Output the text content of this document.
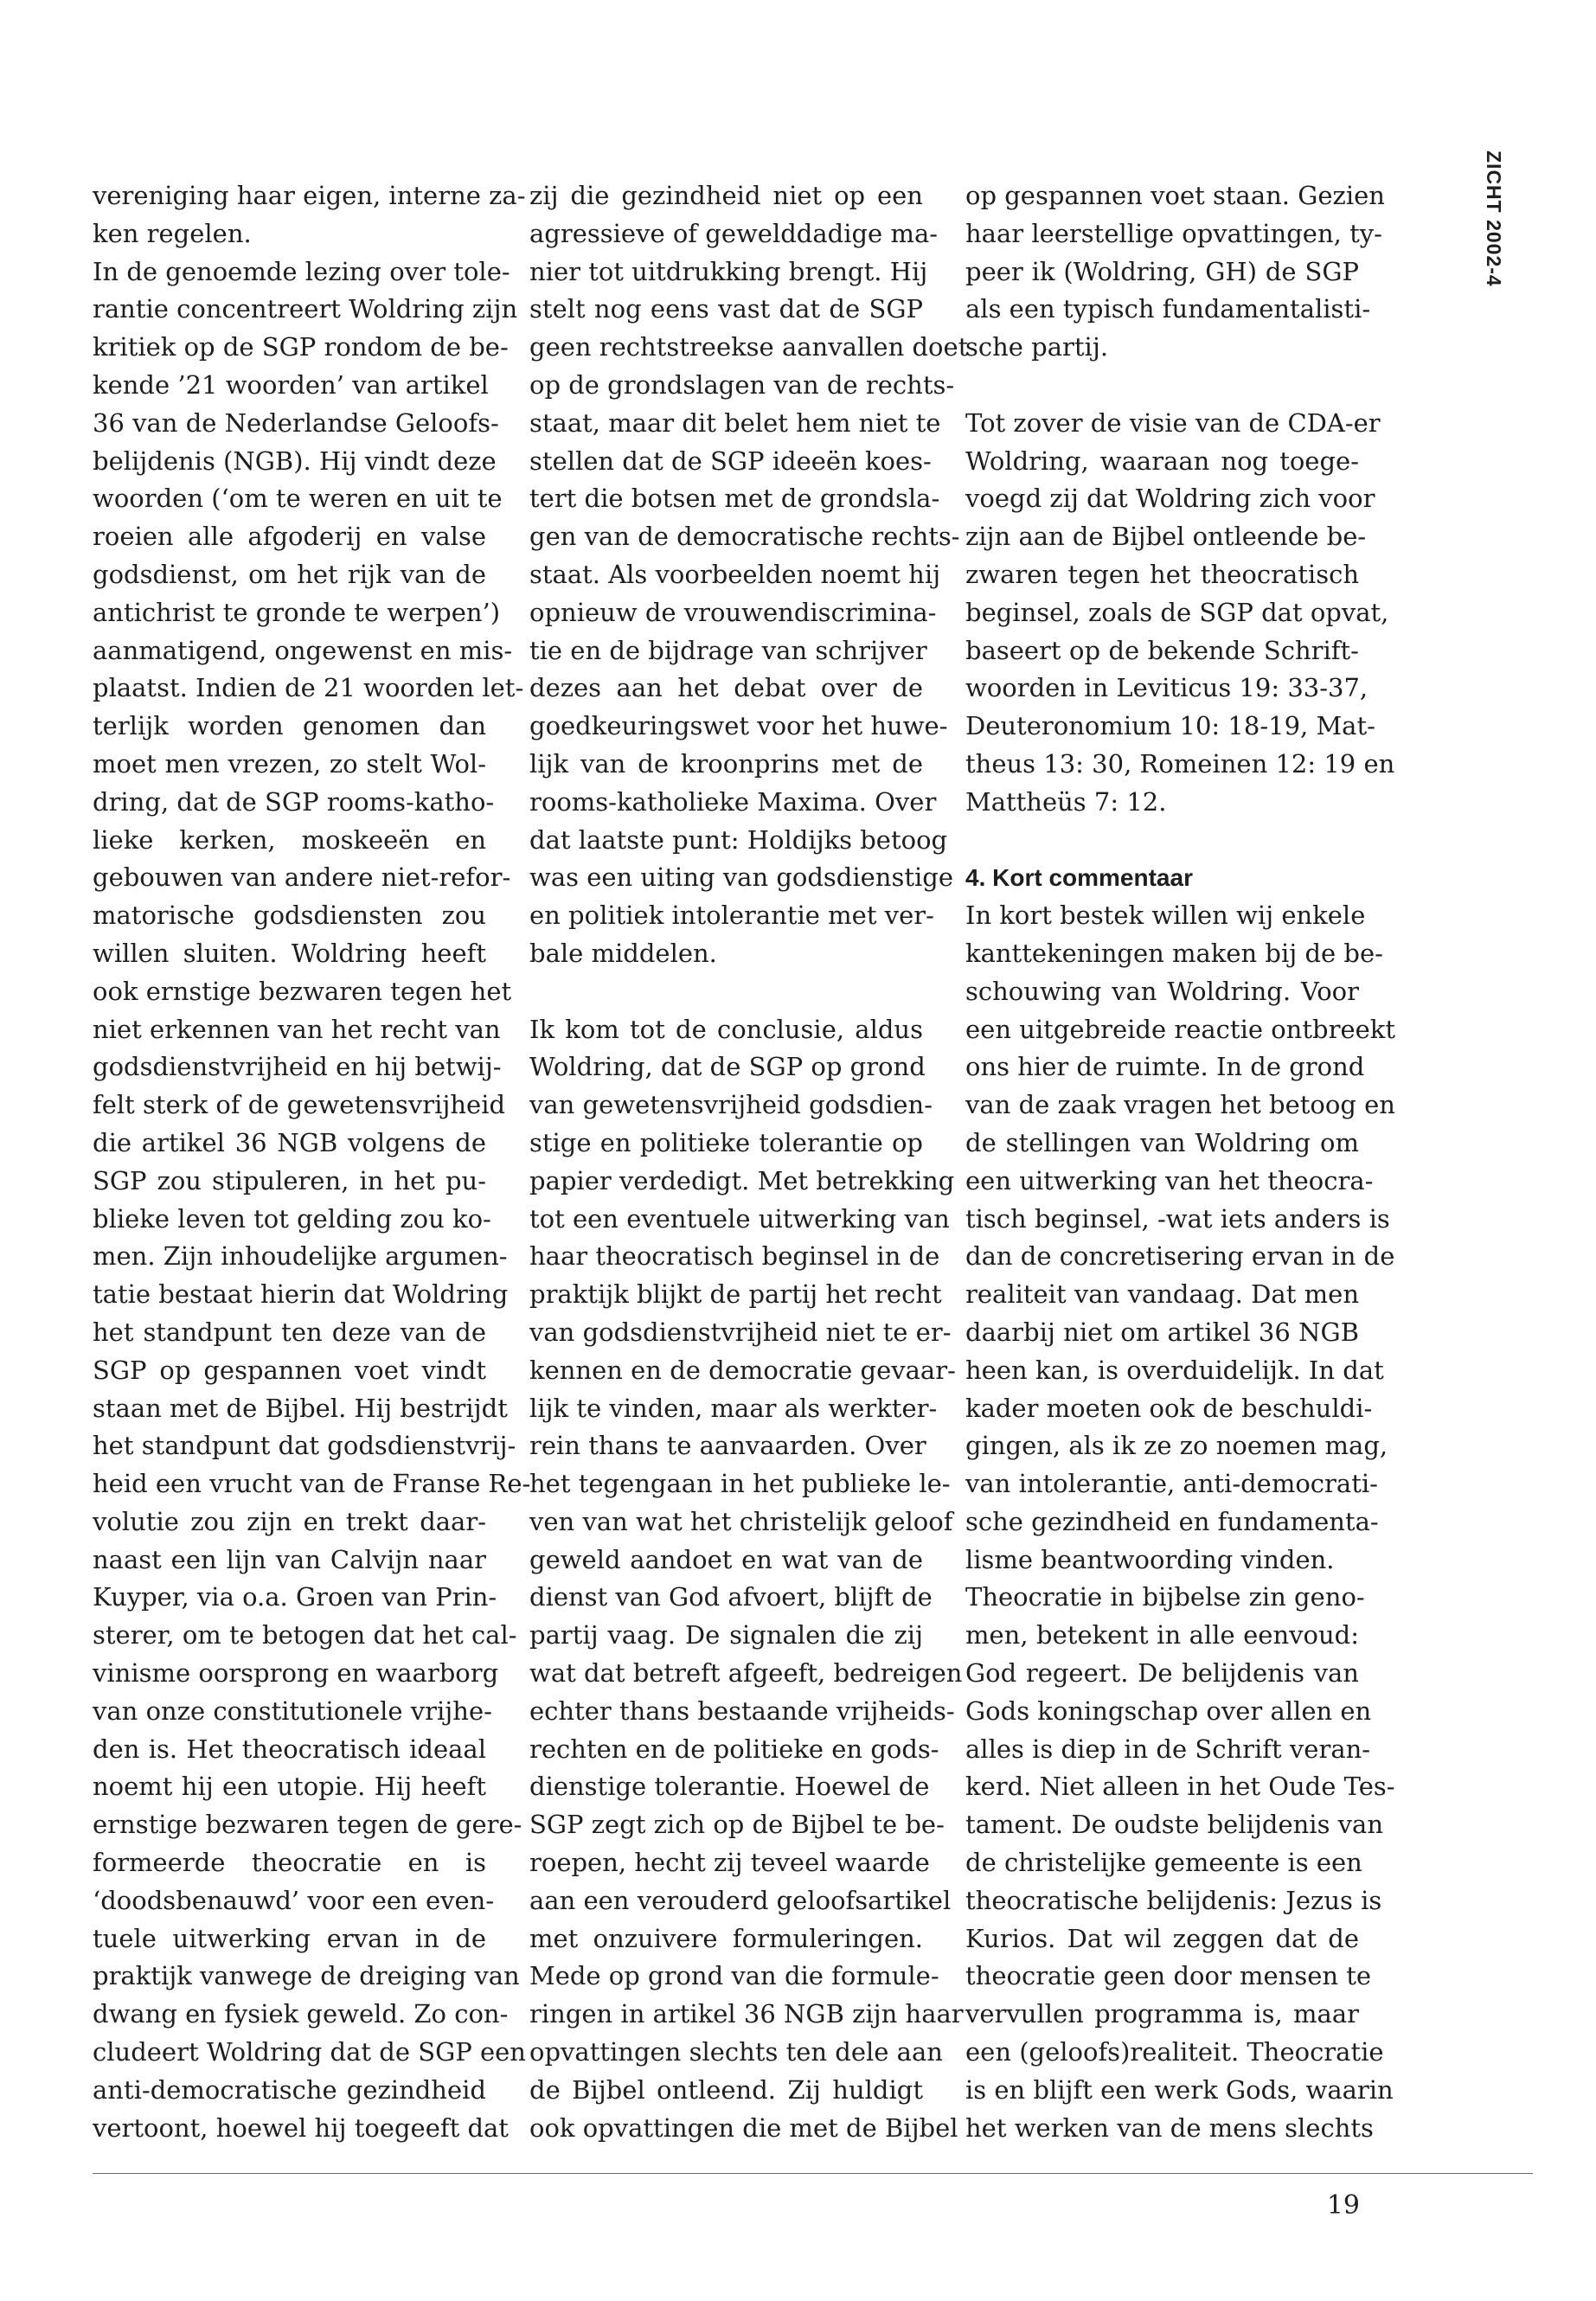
ZICHT 2002-4
vereniging haar eigen, interne za-
ken regelen.
In de genoemde lezing over tole-
rantie concentreert Woldring zijn
kritiek op de SGP rondom de be-
kende ’21 woorden’ van artikel
36 van de Nederlandse Geloofs-
belijdenis (NGB). Hij vindt deze
woorden (‘om te weren en uit te
roeien alle afgoderij en valse
godsdienst, om het rijk van de
antichrist te gronde te werpen’)
aanmatigend, ongewenst en mis-
plaatst. Indien de 21 woorden let-
terlijk worden genomen dan
moet men vrezen, zo stelt Wol-
dring, dat de SGP rooms-katho-
lieke kerken, moskeeën en
gebouwen van andere niet-refor-
matorische godsdiensten zou
willen sluiten. Woldring heeft
ook ernstige bezwaren tegen het
niet erkennen van het recht van
godsdienstvrijheid en hij betwij-
felt sterk of de gewetensvrijheid
die artikel 36 NGB volgens de
SGP zou stipuleren, in het pu-
blieke leven tot gelding zou ko-
men. Zijn inhoudelijke argumen-
tatie bestaat hierin dat Woldring
het standpunt ten deze van de
SGP op gespannen voet vindt
staan met de Bijbel. Hij bestrijdt
het standpunt dat godsdienstvrij-
heid een vrucht van de Franse Re-
volutie zou zijn en trekt daar-
naast een lijn van Calvijn naar
Kuyper, via o.a. Groen van Prin-
sterer, om te betogen dat het cal-
vinisme oorsprong en waarborg
van onze constitutionele vrijhe-
den is. Het theocratisch ideaal
noemt hij een utopie. Hij heeft
ernstige bezwaren tegen de gere-
formeerde theocratie en is
‘doodsbenauwd’ voor een even-
tuele uitwerking ervan in de
praktijk vanwege de dreiging van
dwang en fysiek geweld. Zo con-
cludeert Woldring dat de SGP een
anti-democratische gezindheid
vertoont, hoewel hij toegeeft dat
zij die gezindheid niet op een
agressieve of gewelddadige ma-
nier tot uitdrukking brengt. Hij
stelt nog eens vast dat de SGP
geen rechtstreekse aanvallen doet
op de grondslagen van de rechts-
staat, maar dit belet hem niet te
stellen dat de SGP ideeën koes-
tert die botsen met de grondsla-
gen van de democratische rechts-
staat. Als voorbeelden noemt hij
opnieuw de vrouwendiscrimina-
tie en de bijdrage van schrijver
dezes aan het debat over de
goedkeuringswet voor het huwe-
lijk van de kroonprins met de
rooms-katholieke Maxima. Over
dat laatste punt: Holdijks betoog
was een uiting van godsdienstige
en politiek intolerantie met ver-
bale middelen.
Ik kom tot de conclusie, aldus
Woldring, dat de SGP op grond
van gewetensvrijheid godsdien-
stige en politieke tolerantie op
papier verdedigt. Met betrekking
tot een eventuele uitwerking van
haar theocratisch beginsel in de
praktijk blijkt de partij het recht
van godsdienstvrijheid niet te er-
kennen en de democratie gevaar-
lijk te vinden, maar als werkter-
rein thans te aanvaarden. Over
het tegengaan in het publieke le-
ven van wat het christelijk geloof
geweld aandoet en wat van de
dienst van God afvoert, blijft de
partij vaag. De signalen die zij
wat dat betreft afgeeft, bedreigen
echter thans bestaande vrijheids-
rechten en de politieke en gods-
dienstige tolerantie. Hoewel de
SGP zegt zich op de Bijbel te be-
roepen, hecht zij teveel waarde
aan een verouderd geloofsartikel
met onzuivere formuleringen.
Mede op grond van die formule-
ringen in artikel 36 NGB zijn haar
opvattingen slechts ten dele aan
de Bijbel ontleend. Zij huldigt
ook opvattingen die met de Bijbel
op gespannen voet staan. Gezien
haar leerstellige opvattingen, ty-
peer ik (Woldring, GH) de SGP
als een typisch fundamentalisti-
sche partij.
Tot zover de visie van de CDA-er
Woldring, waaraan nog toege-
voegd zij dat Woldring zich voor
zijn aan de Bijbel ontleende be-
zwaren tegen het theocratisch
beginsel, zoals de SGP dat opvat,
baseert op de bekende Schrift-
woorden in Leviticus 19: 33-37,
Deuteronomium 10: 18-19, Mat-
theus 13: 30, Romeinen 12: 19 en
Mattheüs 7: 12.
4. Kort commentaar
In kort bestek willen wij enkele
kanttekeningen maken bij de be-
schouwing van Woldring. Voor
een uitgebreide reactie ontbreekt
ons hier de ruimte. In de grond
van de zaak vragen het betoog en
de stellingen van Woldring om
een uitwerking van het theocra-
tisch beginsel, -wat iets anders is
dan de concretisering ervan in de
realiteit van vandaag. Dat men
daarbij niet om artikel 36 NGB
heen kan, is overduidelijk. In dat
kader moeten ook de beschuldi-
gingen, als ik ze zo noemen mag,
van intolerantie, anti-democrati-
sche gezindheid en fundamenta-
lisme beantwoording vinden.
Theocratie in bijbelse zin geno-
men, betekent in alle eenvoud:
God regeert. De belijdenis van
Gods koningschap over allen en
alles is diep in de Schrift veran-
kerd. Niet alleen in het Oude Tes-
tament. De oudste belijdenis van
de christelijke gemeente is een
theocratische belijdenis: Jezus is
Kurios. Dat wil zeggen dat de
theocratie geen door mensen te
vervullen programma is, maar
een (geloofs)realiteit. Theocratie
is en blijft een werk Gods, waarin
het werken van de mens slechts
19
